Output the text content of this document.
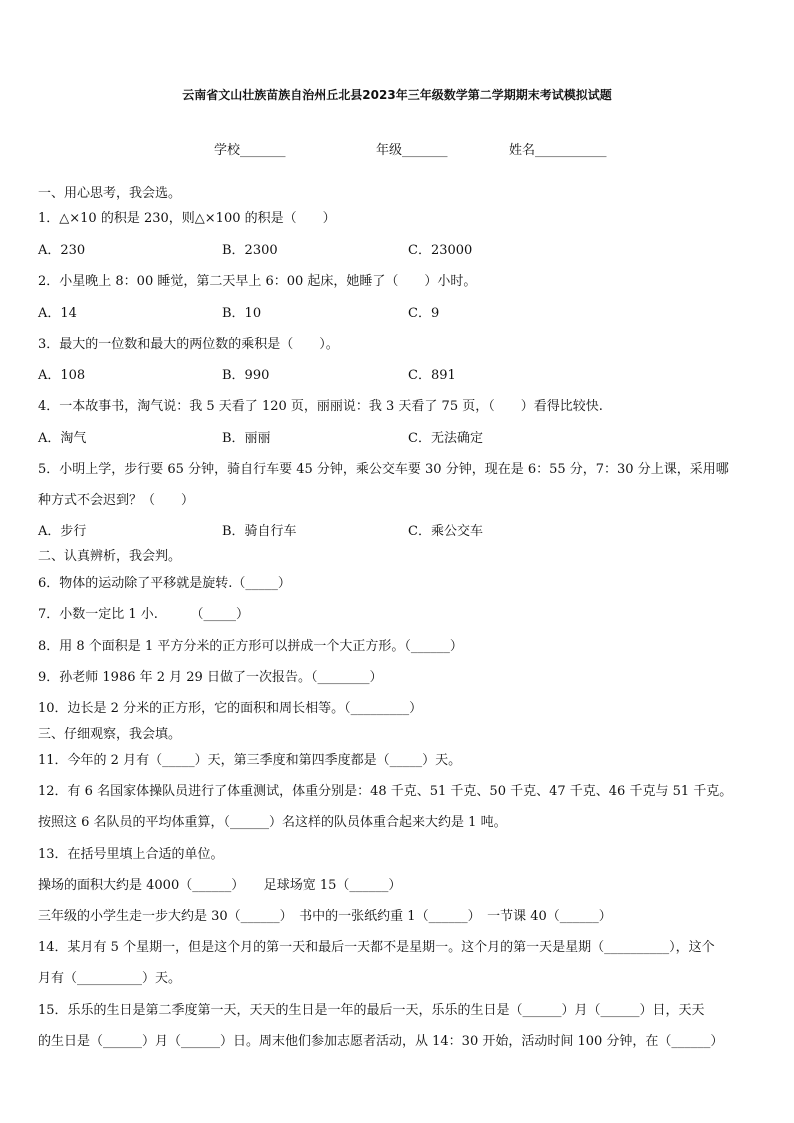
云南省文山壮族苗族自治州丘北县2023年三年级数学第二学期期末考试模拟试题
学校_______	年级_______	姓名___________
一、用心思考，我会选。
1．△×10 的积是 230，则△×100 的积是（　　）
A．230	B．2300	C．23000
2．小星晚上 8：00 睡觉，第二天早上 6：00 起床，她睡了（　　）小时。
A．14	B．10	C．9
3．最大的一位数和最大的两位数的乘积是（　　）。
A．108	B．990	C．891
4．一本故事书，淘气说：我 5 天看了 120 页，丽丽说：我 3 天看了 75 页，（　　）看得比较快.
A．淘气	B．丽丽	C．无法确定
5．小明上学，步行要 65 分钟，骑自行车要 45 分钟，乘公交车要 30 分钟，现在是 6：55 分，7：30 分上课，采用哪
种方式不会迟到？（　　）
A．步行	B．骑自行车	C．乘公交车
二、认真辨析，我会判。
6．物体的运动除了平移就是旋转.（_____）
7．小数一定比 1 小.　　　（_____）
8．用 8 个面积是 1 平方分米的正方形可以拼成一个大正方形。（______）
9．孙老师 1986 年 2 月 29 日做了一次报告。（________）
10．边长是 2 分米的正方形，它的面积和周长相等。（_________）
三、仔细观察，我会填。
11．今年的 2 月有（_____）天，第三季度和第四季度都是（_____）天。
12．有 6 名国家体操队员进行了体重测试，体重分别是：48 千克、51 千克、50 千克、47 千克、46 千克与 51 千克。
按照这 6 名队员的平均体重算，（______）名这样的队员体重合起来大约是 1 吨。
13．在括号里填上合适的单位。
操场的面积大约是 4000（______）　　足球场宽 15（______）
三年级的小学生走一步大约是 30（______）　书中的一张纸约重 1（______）　一节课 40（______）
14．某月有 5 个星期一，但是这个月的第一天和最后一天都不是星期一。这个月的第一天是星期（__________），这个
月有（__________）天。
15．乐乐的生日是第二季度第一天，天天的生日是一年的最后一天，乐乐的生日是（______）月（______）日，天天
的生日是（______）月（______）日。周末他们参加志愿者活动，从 14：30 开始，活动时间 100 分钟，在（______）
